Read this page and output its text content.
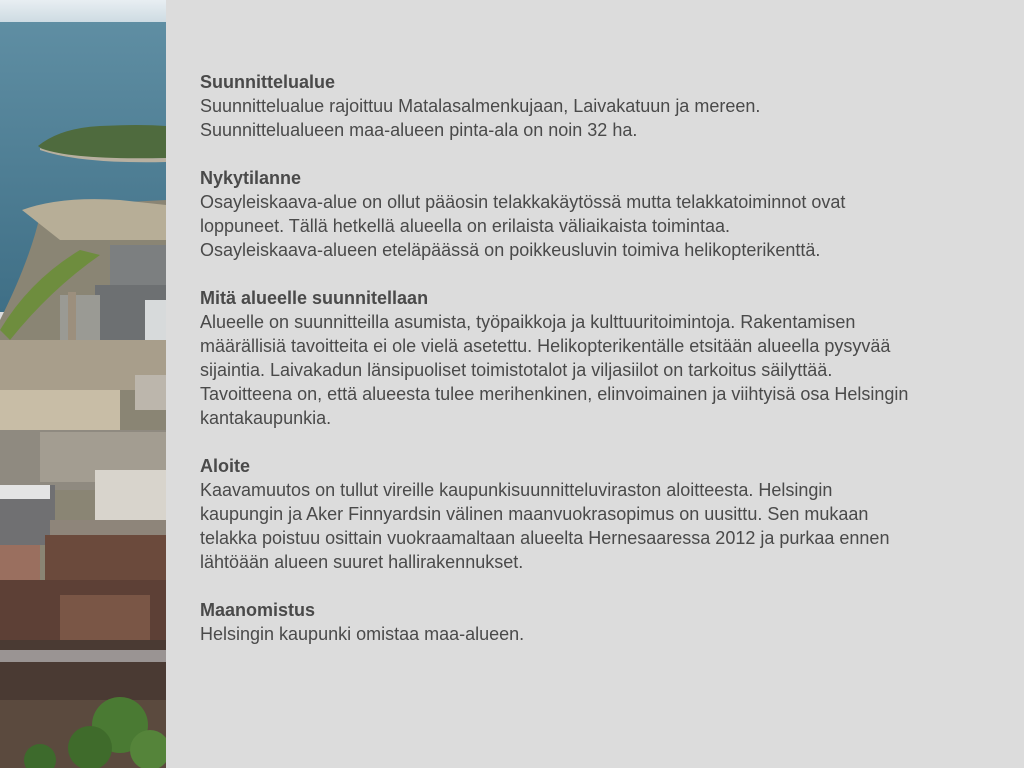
Suunnittelualue

Suunnittelualue rajoittuu Matalasalmenkujaan, Laivakatuun ja mereen.

Suunnittelualueen maa-alueen pinta-ala on noin 32 ha.

Nykytilanne

Osayleiskaava-alue on ollut pääosin telakkakäytössä mutta telakkatoiminnot ovat

loppuneet. Tällä hetkellä alueella on erilaista väliaikaista toimintaa.

Osayleiskaava-alueen eteläpäässä on poikkeusluvin toimiva helikopterikenttä.

Mitä alueelle suunnitellaan

Alueelle on suunnitteilla asumista, työpaikkoja ja kulttuuritoimintoja. Rakentamisen

määrällisiä tavoitteita ei ole vielä asetettu. Helikopterikentälle etsitään alueella pysyvää

sijaintia. Laivakadun länsipuoliset toimistotalot ja viljasiilot on tarkoitus säilyttää.

Tavoitteena on, että alueesta tulee merihenkinen, elinvoimainen ja viihtyisä osa Helsingin

kantakaupunkia.

Aloite

Kaavamuutos on tullut vireille kaupunkisuunnitteluviraston aloitteesta. Helsingin

kaupungin ja Aker Finnyardsin välinen maanvuokrasopimus on uusittu. Sen mukaan

telakka poistuu osittain vuokraamaltaan alueelta Hernesaaressa 2012 ja purkaa ennen

lähtöään alueen suuret hallirakennukset.

Maanomistus

Helsingin kaupunki omistaa maa-alueen.
